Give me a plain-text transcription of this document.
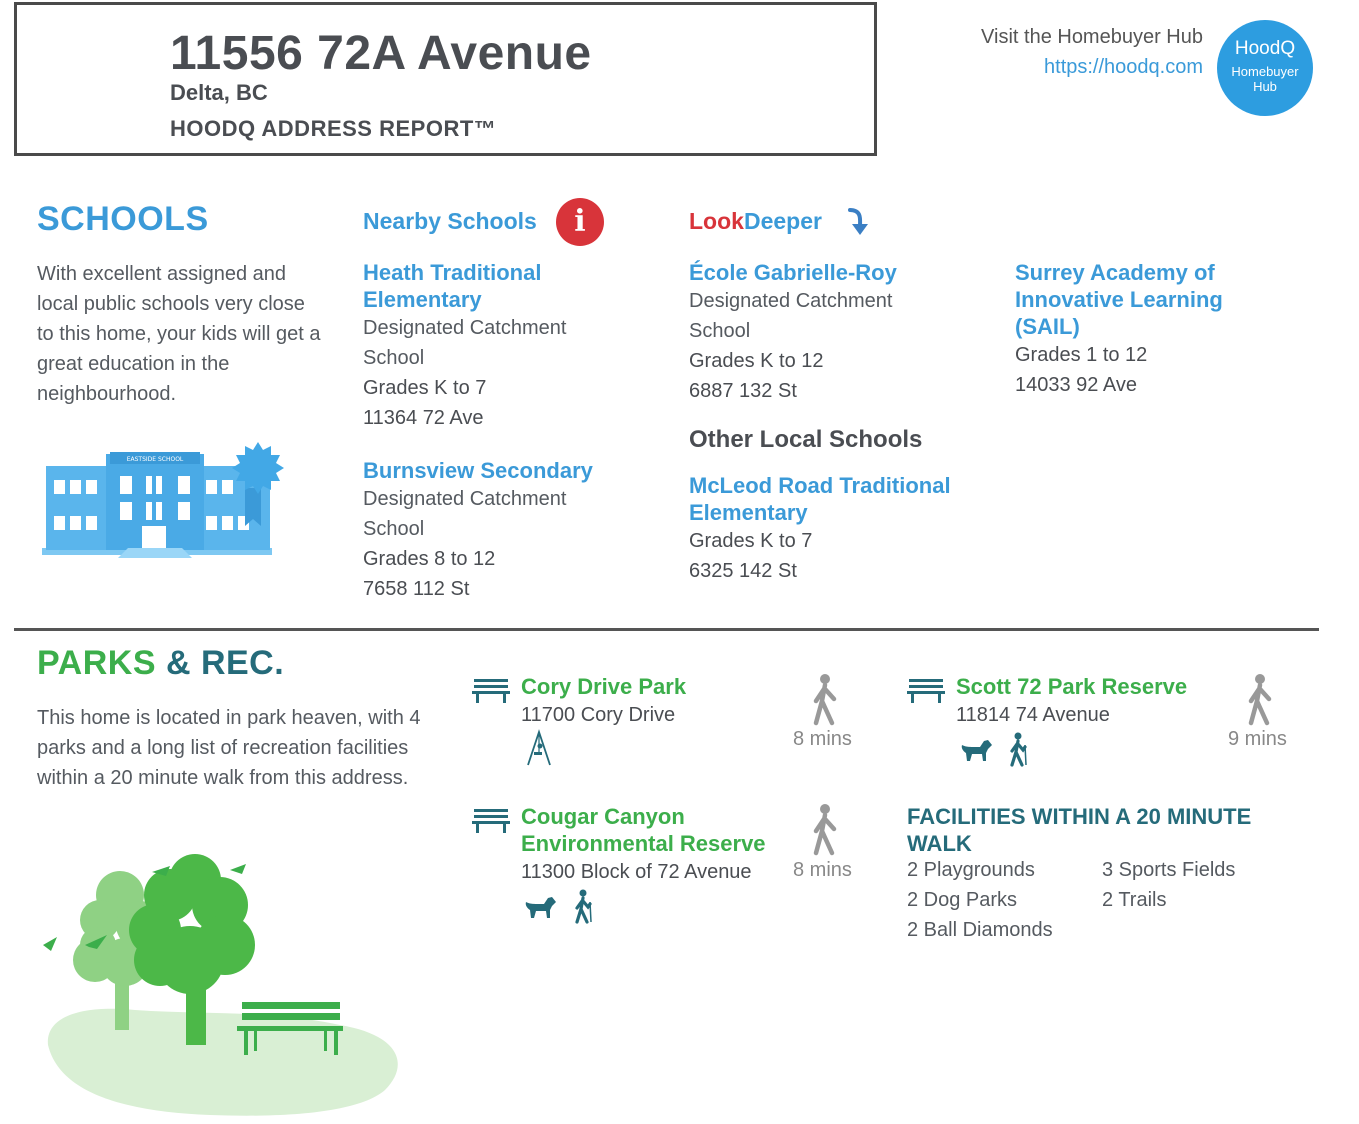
11556 72A Avenue
Delta, BC
HOODQ ADDRESS REPORT™
Visit the Homebuyer Hub
https://hoodq.com
HoodQ
Homebuyer
Hub
SCHOOLS
With excellent assigned and local public schools very close to this home, your kids will get a great education in the neighbourhood.
EASTSIDE SCHOOL
Nearby Schools	i	LookDeeper
Heath Traditional Elementary
Designated Catchment School
Grades K to 7
11364 72 Ave
Burnsview Secondary
Designated Catchment School
Grades 8 to 12
7658 112 St
École Gabrielle-Roy
Designated Catchment School
Grades K to 12
6887 132 St
Surrey Academy of Innovative Learning (SAIL)
Grades 1 to 12
14033 92 Ave
Other Local Schools
McLeod Road Traditional Elementary
Grades K to 7
6325 142 St
PARKS & REC.
This home is located in park heaven, with 4 parks and a long list of recreation facilities within a 20 minute walk from this address.
Cory Drive Park
11700 Cory Drive
8 mins
Scott 72 Park Reserve
11814 74 Avenue
9 mins
Cougar Canyon Environmental Reserve
11300 Block of 72 Avenue	8 mins
FACILITIES WITHIN A 20 MINUTE WALK
2 Playgrounds
2 Dog Parks
2 Ball Diamonds
3 Sports Fields
2 Trails
